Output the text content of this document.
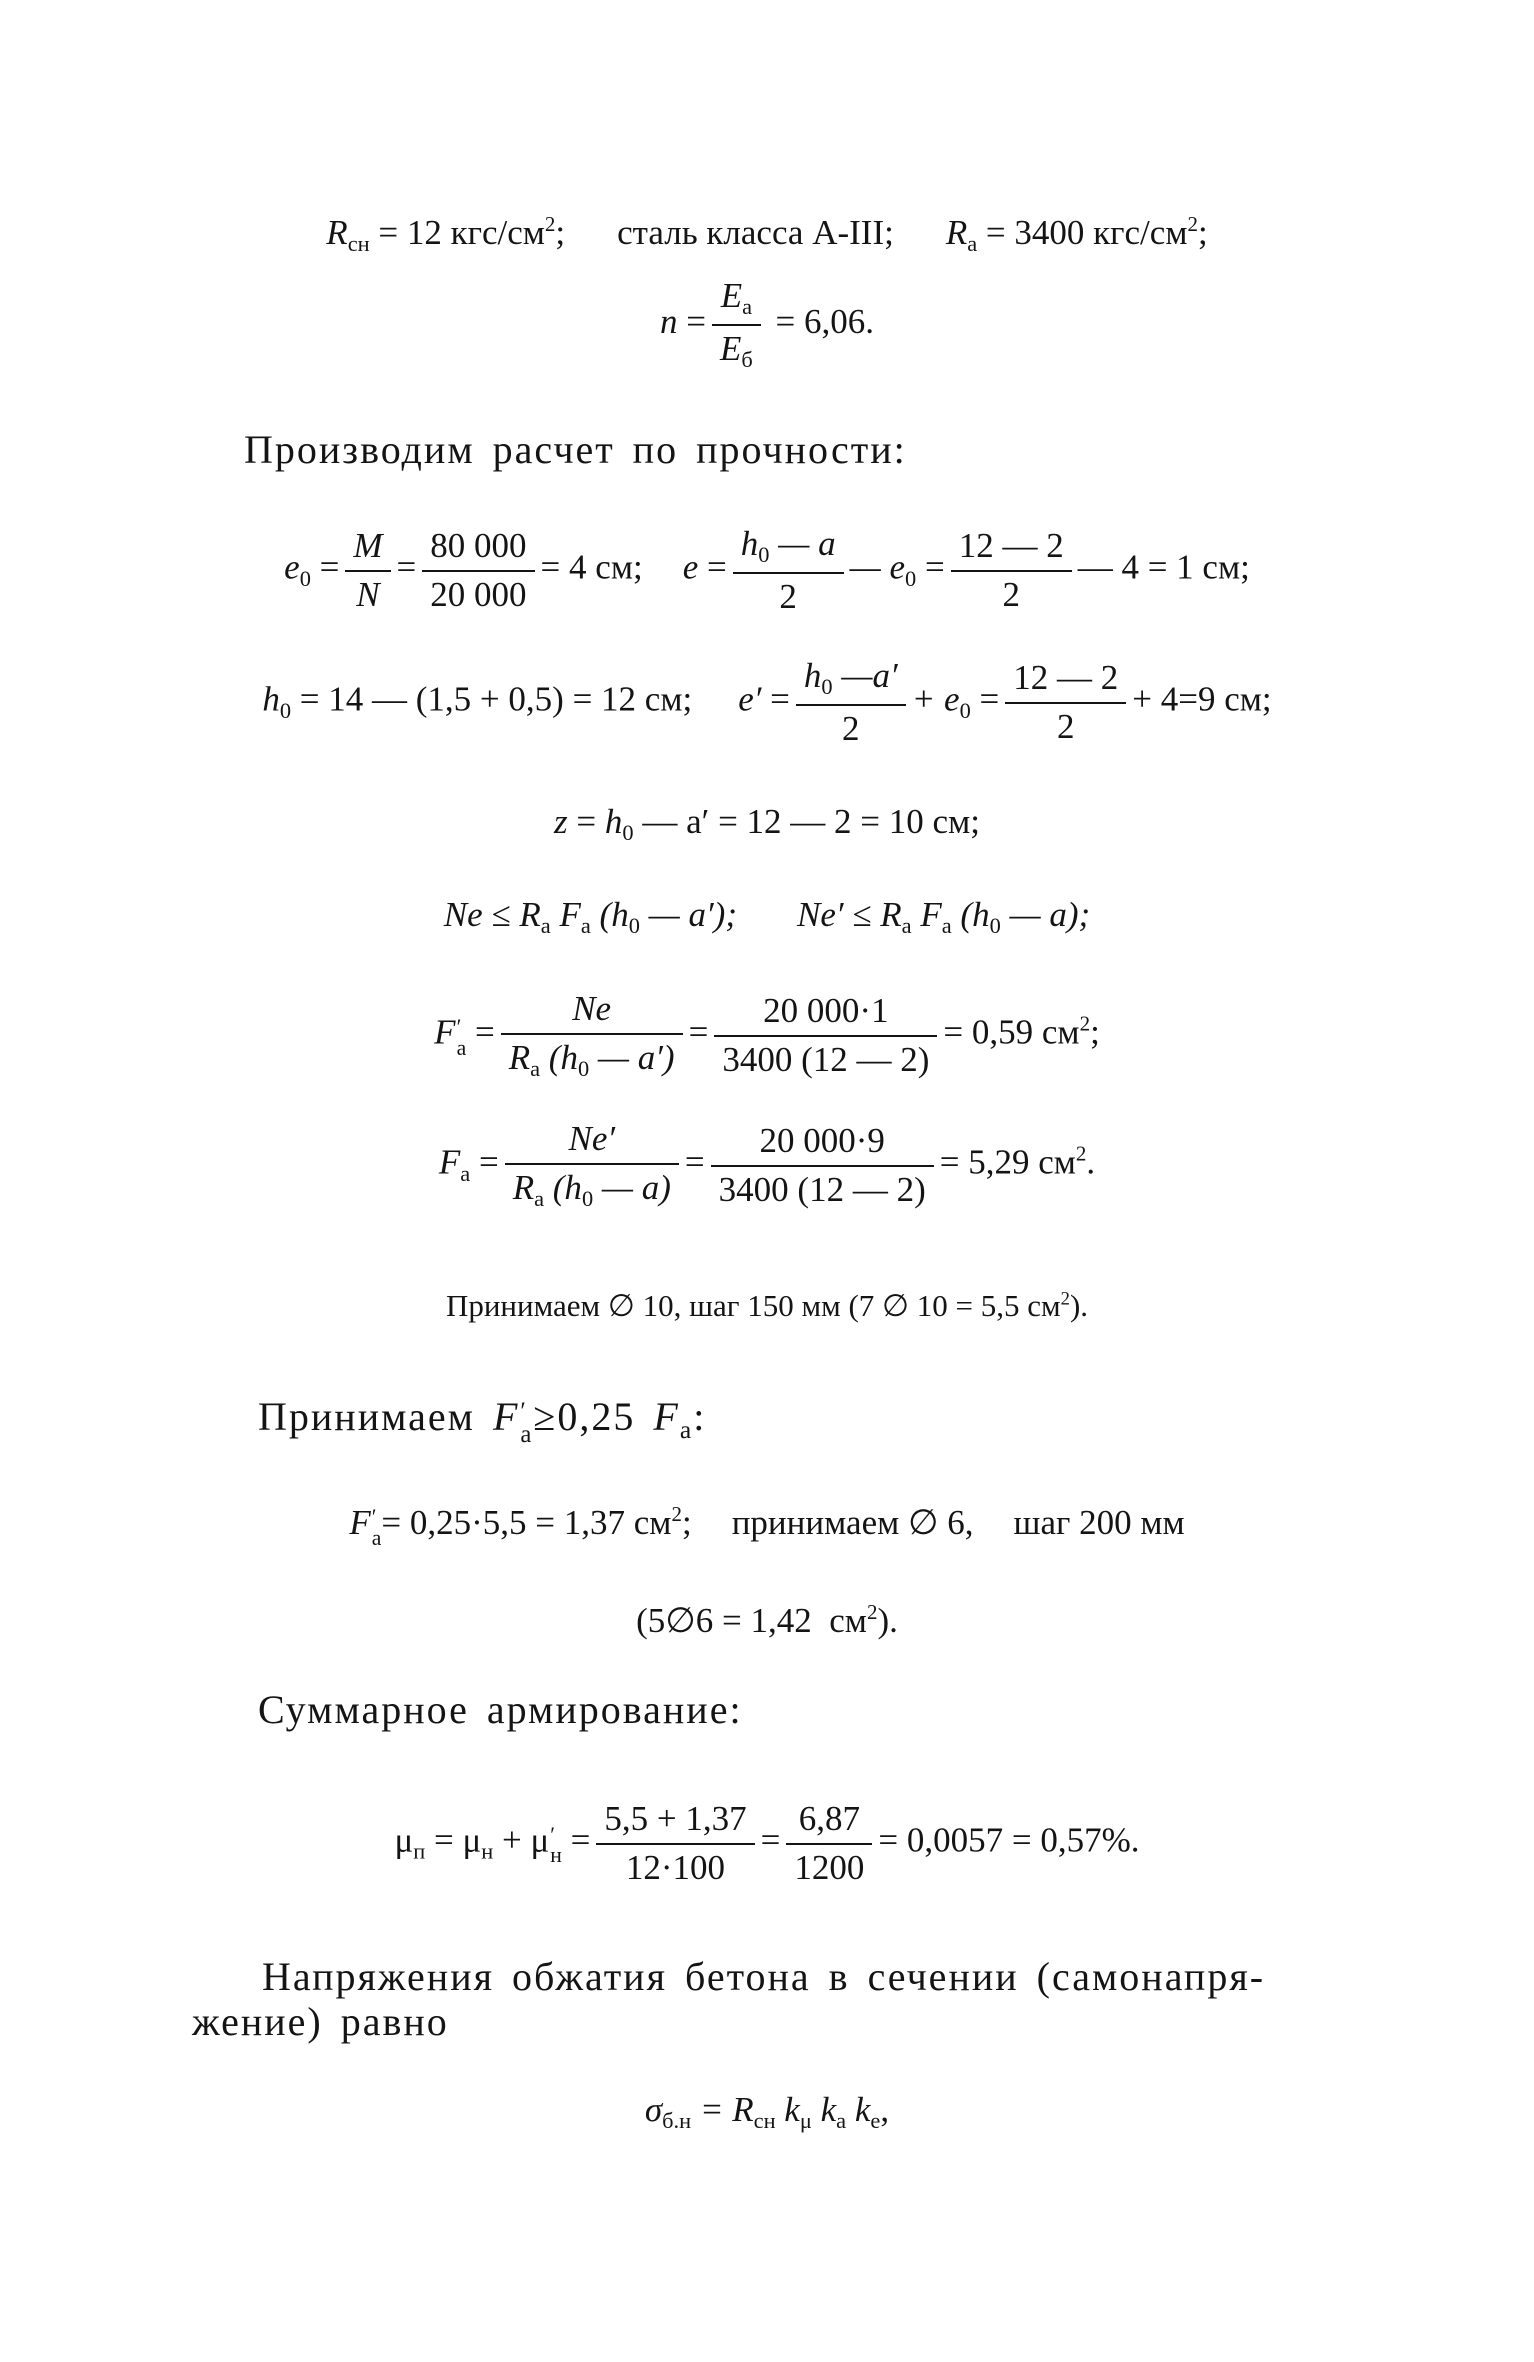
$R_{сн} = 12$ кгс/$см^2$; сталь класса А-III; $R_а = 3400$ кгс/$см^2$;
$n = \frac{E_а}{E_б} = 6,06$.
Производим расчет по прочности:
$e_0 = \frac{M}{N} = \frac{80 000}{20 000} = 4$ см; $e = \frac{h_0 — a}{2}$ — $e_0 = \frac{12 — 2}{2}$ — 4 = 1 см;
$h_0 = 14$ — (1,5 + 0,5) = 12 см; $e' = \frac{h_0 —a'}{2} + e_0 = \frac{12 — 2}{2} + 4=9$ см;
$z = h_0$ — a′ = 12 — 2 = 10 см;
$Ne \le R_а$ $F_а$ ($h_0$ — a′); $Ne' \le R_а$ $F_а$ ($h_0$ — a);
F ′
$а = \frac{Ne}{R_а (h_0 — a')} = \frac{20 000\cdot 1}{3400 (12 — 2)} = 0,59$ $см^2$;
$F_а = \frac{Ne'}{R_а (h_0 — a)} = \frac{20 000\cdot 9}{3400 (12 — 2)} = 5,29$ $см^2$.
Принимаем ∅ 10, шаг 150 мм (7 ∅ 10 = 5,5 $см^2$).
Принимаем F ′
а ≥0,25 $F_а$:
F ′
а = 0,25·5,5 = 1,37 $см^2$; принимаем ∅ 6, шаг 200 мм
(5∅6 = 1,42  $см^2$).
Суммарное армирование:
$\mu_п = \mu_н + \mu$ ′
$н = \frac{5,5 + 1,37}{12\cdot 100} = \frac{6,87}{1200} = 0,0057 = 0,57\%$.
Напряжения обжатия бетона в сечении (самонапря-
жение) равно
$\sigma_{б.н} = R_{сн}$ $k_\mu$ $k_а$ $k_e$,
